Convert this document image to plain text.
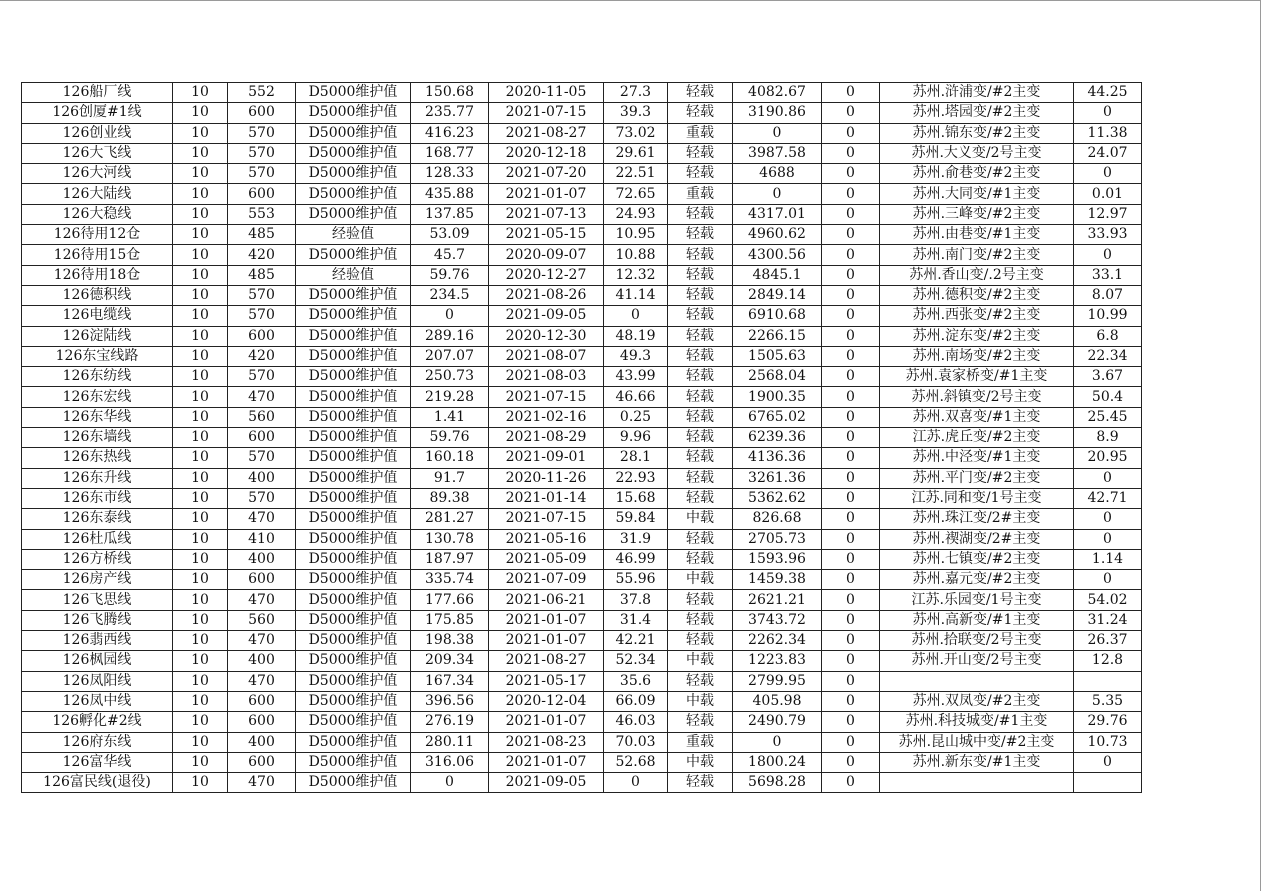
126船厂线	10	552	D5000维护值	150.68	2020-11-05	27.3	轻载	4082.67	0	苏州.浒浦变/#2主变	44.25
126创厦#1线	10	600	D5000维护值	235.77	2021-07-15	39.3	轻载	3190.86	0	苏州.塔园变/#2主变	0
126创业线	10	570	D5000维护值	416.23	2021-08-27	73.02	重载	0	0	苏州.锦东变/#2主变	11.38
126大飞线	10	570	D5000维护值	168.77	2020-12-18	29.61	轻载	3987.58	0	苏州.大义变/2号主变	24.07
126大河线	10	570	D5000维护值	128.33	2021-07-20	22.51	轻载	4688	0	苏州.俞巷变/#2主变	0
126大陆线	10	600	D5000维护值	435.88	2021-01-07	72.65	重载	0	0	苏州.大同变/#1主变	0.01
126大稳线	10	553	D5000维护值	137.85	2021-07-13	24.93	轻载	4317.01	0	苏州.三峰变/#2主变	12.97
126待用12仓	10	485	经验值	53.09	2021-05-15	10.95	轻载	4960.62	0	苏州.由巷变/#1主变	33.93
126待用15仓	10	420	D5000维护值	45.7	2020-09-07	10.88	轻载	4300.56	0	苏州.南门变/#2主变	0
126待用18仓	10	485	经验值	59.76	2020-12-27	12.32	轻载	4845.1	0	苏州.香山变/.2号主变	33.1
126德积线	10	570	D5000维护值	234.5	2021-08-26	41.14	轻载	2849.14	0	苏州.德积变/#2主变	8.07
126电缆线	10	570	D5000维护值	0	2021-09-05	0	轻载	6910.68	0	苏州.西张变/#2主变	10.99
126淀陆线	10	600	D5000维护值	289.16	2020-12-30	48.19	轻载	2266.15	0	苏州.淀东变/#2主变	6.8
126东宝线路	10	420	D5000维护值	207.07	2021-08-07	49.3	轻载	1505.63	0	苏州.南场变/#2主变	22.34
126东纺线	10	570	D5000维护值	250.73	2021-08-03	43.99	轻载	2568.04	0	苏州.袁家桥变/#1主变	3.67
126东宏线	10	470	D5000维护值	219.28	2021-07-15	46.66	轻载	1900.35	0	苏州.斜镇变/2号主变	50.4
126东华线	10	560	D5000维护值	1.41	2021-02-16	0.25	轻载	6765.02	0	苏州.双喜变/#1主变	25.45
126东墙线	10	600	D5000维护值	59.76	2021-08-29	9.96	轻载	6239.36	0	江苏.虎丘变/#2主变	8.9
126东热线	10	570	D5000维护值	160.18	2021-09-01	28.1	轻载	4136.36	0	苏州.中泾变/#1主变	20.95
126东升线	10	400	D5000维护值	91.7	2020-11-26	22.93	轻载	3261.36	0	苏州.平门变/#2主变	0
126东市线	10	570	D5000维护值	89.38	2021-01-14	15.68	轻载	5362.62	0	江苏.同和变/1号主变	42.71
126东泰线	10	470	D5000维护值	281.27	2021-07-15	59.84	中载	826.68	0	苏州.珠江变/2#主变	0
126杜瓜线	10	410	D5000维护值	130.78	2021-05-16	31.9	轻载	2705.73	0	苏州.禊湖变/2#主变	0
126方桥线	10	400	D5000维护值	187.97	2021-05-09	46.99	轻载	1593.96	0	苏州.七镇变/#2主变	1.14
126房产线	10	600	D5000维护值	335.74	2021-07-09	55.96	中载	1459.38	0	苏州.嘉元变/#2主变	0
126飞思线	10	470	D5000维护值	177.66	2021-06-21	37.8	轻载	2621.21	0	江苏.乐园变/1号主变	54.02
126飞腾线	10	560	D5000维护值	175.85	2021-01-07	31.4	轻载	3743.72	0	苏州.高新变/#1主变	31.24
126翡西线	10	470	D5000维护值	198.38	2021-01-07	42.21	轻载	2262.34	0	苏州.拾联变/2号主变	26.37
126枫园线	10	400	D5000维护值	209.34	2021-08-27	52.34	中载	1223.83	0	苏州.开山变/2号主变	12.8
126凤阳线	10	470	D5000维护值	167.34	2021-05-17	35.6	轻载	2799.95	0		
126凤中线	10	600	D5000维护值	396.56	2020-12-04	66.09	中载	405.98	0	苏州.双凤变/#2主变	5.35
126孵化#2线	10	600	D5000维护值	276.19	2021-01-07	46.03	轻载	2490.79	0	苏州.科技城变/#1主变	29.76
126府东线	10	400	D5000维护值	280.11	2021-08-23	70.03	重载	0	0	苏州.昆山城中变/#2主变	10.73
126富华线	10	600	D5000维护值	316.06	2021-01-07	52.68	中载	1800.24	0	苏州.新东变/#1主变	0
126富民线(退役)	10	470	D5000维护值	0	2021-09-05	0	轻载	5698.28	0		
